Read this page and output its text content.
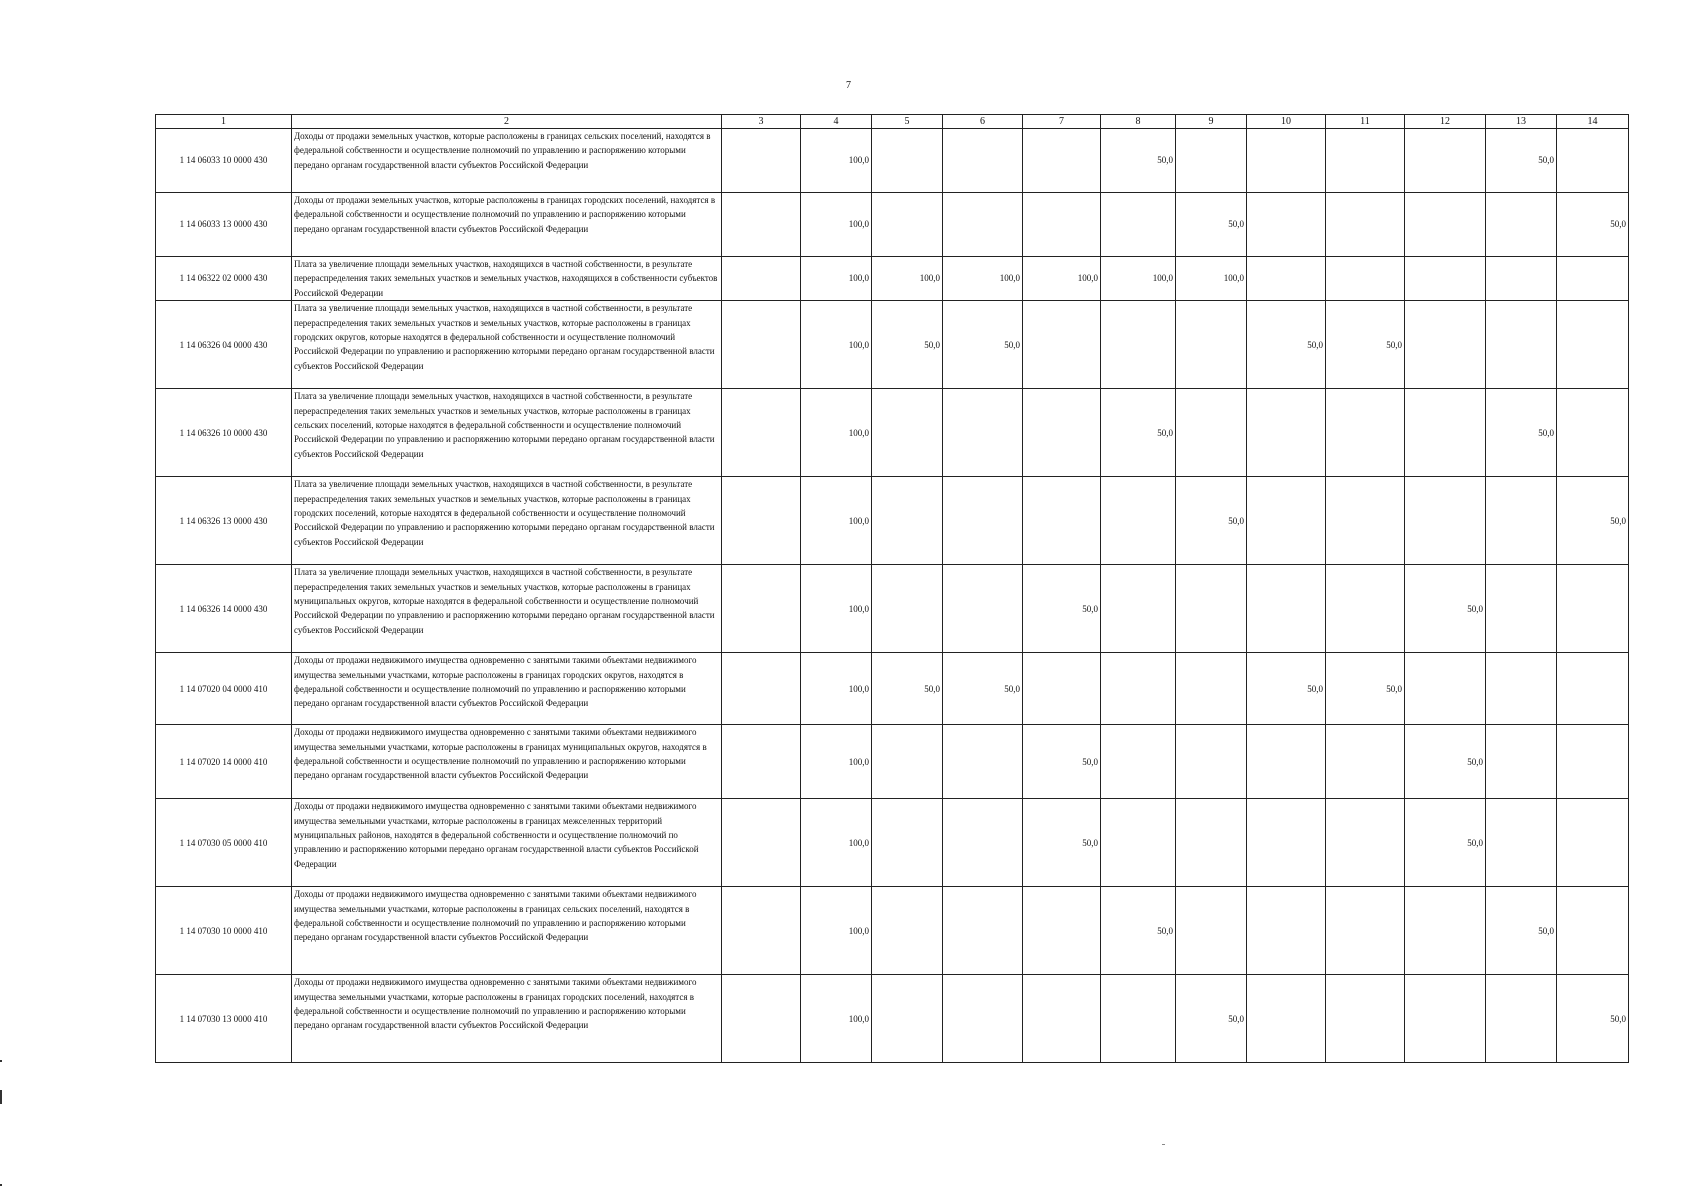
7
1	2	3	4	5	6	7	8	9	10	11	12	13	14
1 14 06033 10 0000 430	Доходы от продажи земельных участков, которые расположены в границах сельских поселений, находятся в федеральной собственности и осуществление полномочий по управлению и распоряжению которыми передано органам государственной власти субъектов Российской Федерации		100,0				50,0					50,0	
1 14 06033 13 0000 430	Доходы от продажи земельных участков, которые расположены в границах городских поселений, находятся в федеральной собственности и осуществление полномочий по управлению и распоряжению которыми передано органам государственной власти субъектов Российской Федерации		100,0					50,0					50,0
1 14 06322 02 0000 430	Плата за увеличение площади земельных участков, находящихся в частной собственности, в результате перераспределения таких земельных участков и земельных участков, находящихся в собственности субъектов Российской Федерации		100,0	100,0	100,0	100,0	100,0	100,0					
1 14 06326 04 0000 430	Плата за увеличение площади земельных участков, находящихся в частной собственности, в результате перераспределения таких земельных участков и земельных участков, которые расположены в границах городских округов, которые находятся в федеральной собственности и осуществление полномочий Российской Федерации по управлению и распоряжению которыми передано органам государственной власти субъектов Российской Федерации		100,0	50,0	50,0				50,0	50,0			
1 14 06326 10 0000 430	Плата за увеличение площади земельных участков, находящихся в частной собственности, в результате перераспределения таких земельных участков и земельных участков, которые расположены в границах сельских поселений, которые находятся в федеральной собственности и осуществление полномочий Российской Федерации по управлению и распоряжению которыми передано органам государственной власти субъектов Российской Федерации		100,0				50,0					50,0	
1 14 06326 13 0000 430	Плата за увеличение площади земельных участков, находящихся в частной собственности, в результате перераспределения таких земельных участков и земельных участков, которые расположены в границах городских поселений, которые находятся в федеральной собственности и осуществление полномочий Российской Федерации по управлению и распоряжению которыми передано органам государственной власти субъектов Российской Федерации		100,0					50,0					50,0
1 14 06326 14 0000 430	Плата за увеличение площади земельных участков, находящихся в частной собственности, в результате перераспределения таких земельных участков и земельных участков, которые расположены в границах муниципальных округов, которые находятся в федеральной собственности и осуществление полномочий Российской Федерации по управлению и распоряжению которыми передано органам государственной власти субъектов Российской Федерации		100,0			50,0					50,0		
1 14 07020 04 0000 410	Доходы от продажи недвижимого имущества одновременно с занятыми такими объектами недвижимого имущества земельными участками, которые расположены в границах городских округов, находятся в федеральной собственности и осуществление полномочий по управлению и распоряжению которыми передано органам государственной власти субъектов Российской Федерации		100,0	50,0	50,0				50,0	50,0			
1 14 07020 14 0000 410	Доходы от продажи недвижимого имущества одновременно с занятыми такими объектами недвижимого имущества земельными участками, которые расположены в границах муниципальных округов, находятся в федеральной собственности и осуществление полномочий по управлению и распоряжению которыми передано органам государственной власти субъектов Российской Федерации		100,0			50,0					50,0		
1 14 07030 05 0000 410	Доходы от продажи недвижимого имущества одновременно с занятыми такими объектами недвижимого имущества земельными участками, которые расположены в границах межселенных территорий муниципальных районов, находятся в федеральной собственности и осуществление полномочий по управлению и распоряжению которыми передано органам государственной власти субъектов Российской Федерации		100,0			50,0					50,0		
1 14 07030 10 0000 410	Доходы от продажи недвижимого имущества одновременно с занятыми такими объектами недвижимого имущества земельными участками, которые расположены в границах сельских поселений, находятся в федеральной собственности и осуществление полномочий по управлению и распоряжению которыми передано органам государственной власти субъектов Российской Федерации		100,0				50,0					50,0	
1 14 07030 13 0000 410	Доходы от продажи недвижимого имущества одновременно с занятыми такими объектами недвижимого имущества земельными участками, которые расположены в границах городских поселений, находятся в федеральной собственности и осуществление полномочий по управлению и распоряжению которыми передано органам государственной власти субъектов Российской Федерации		100,0					50,0					50,0
